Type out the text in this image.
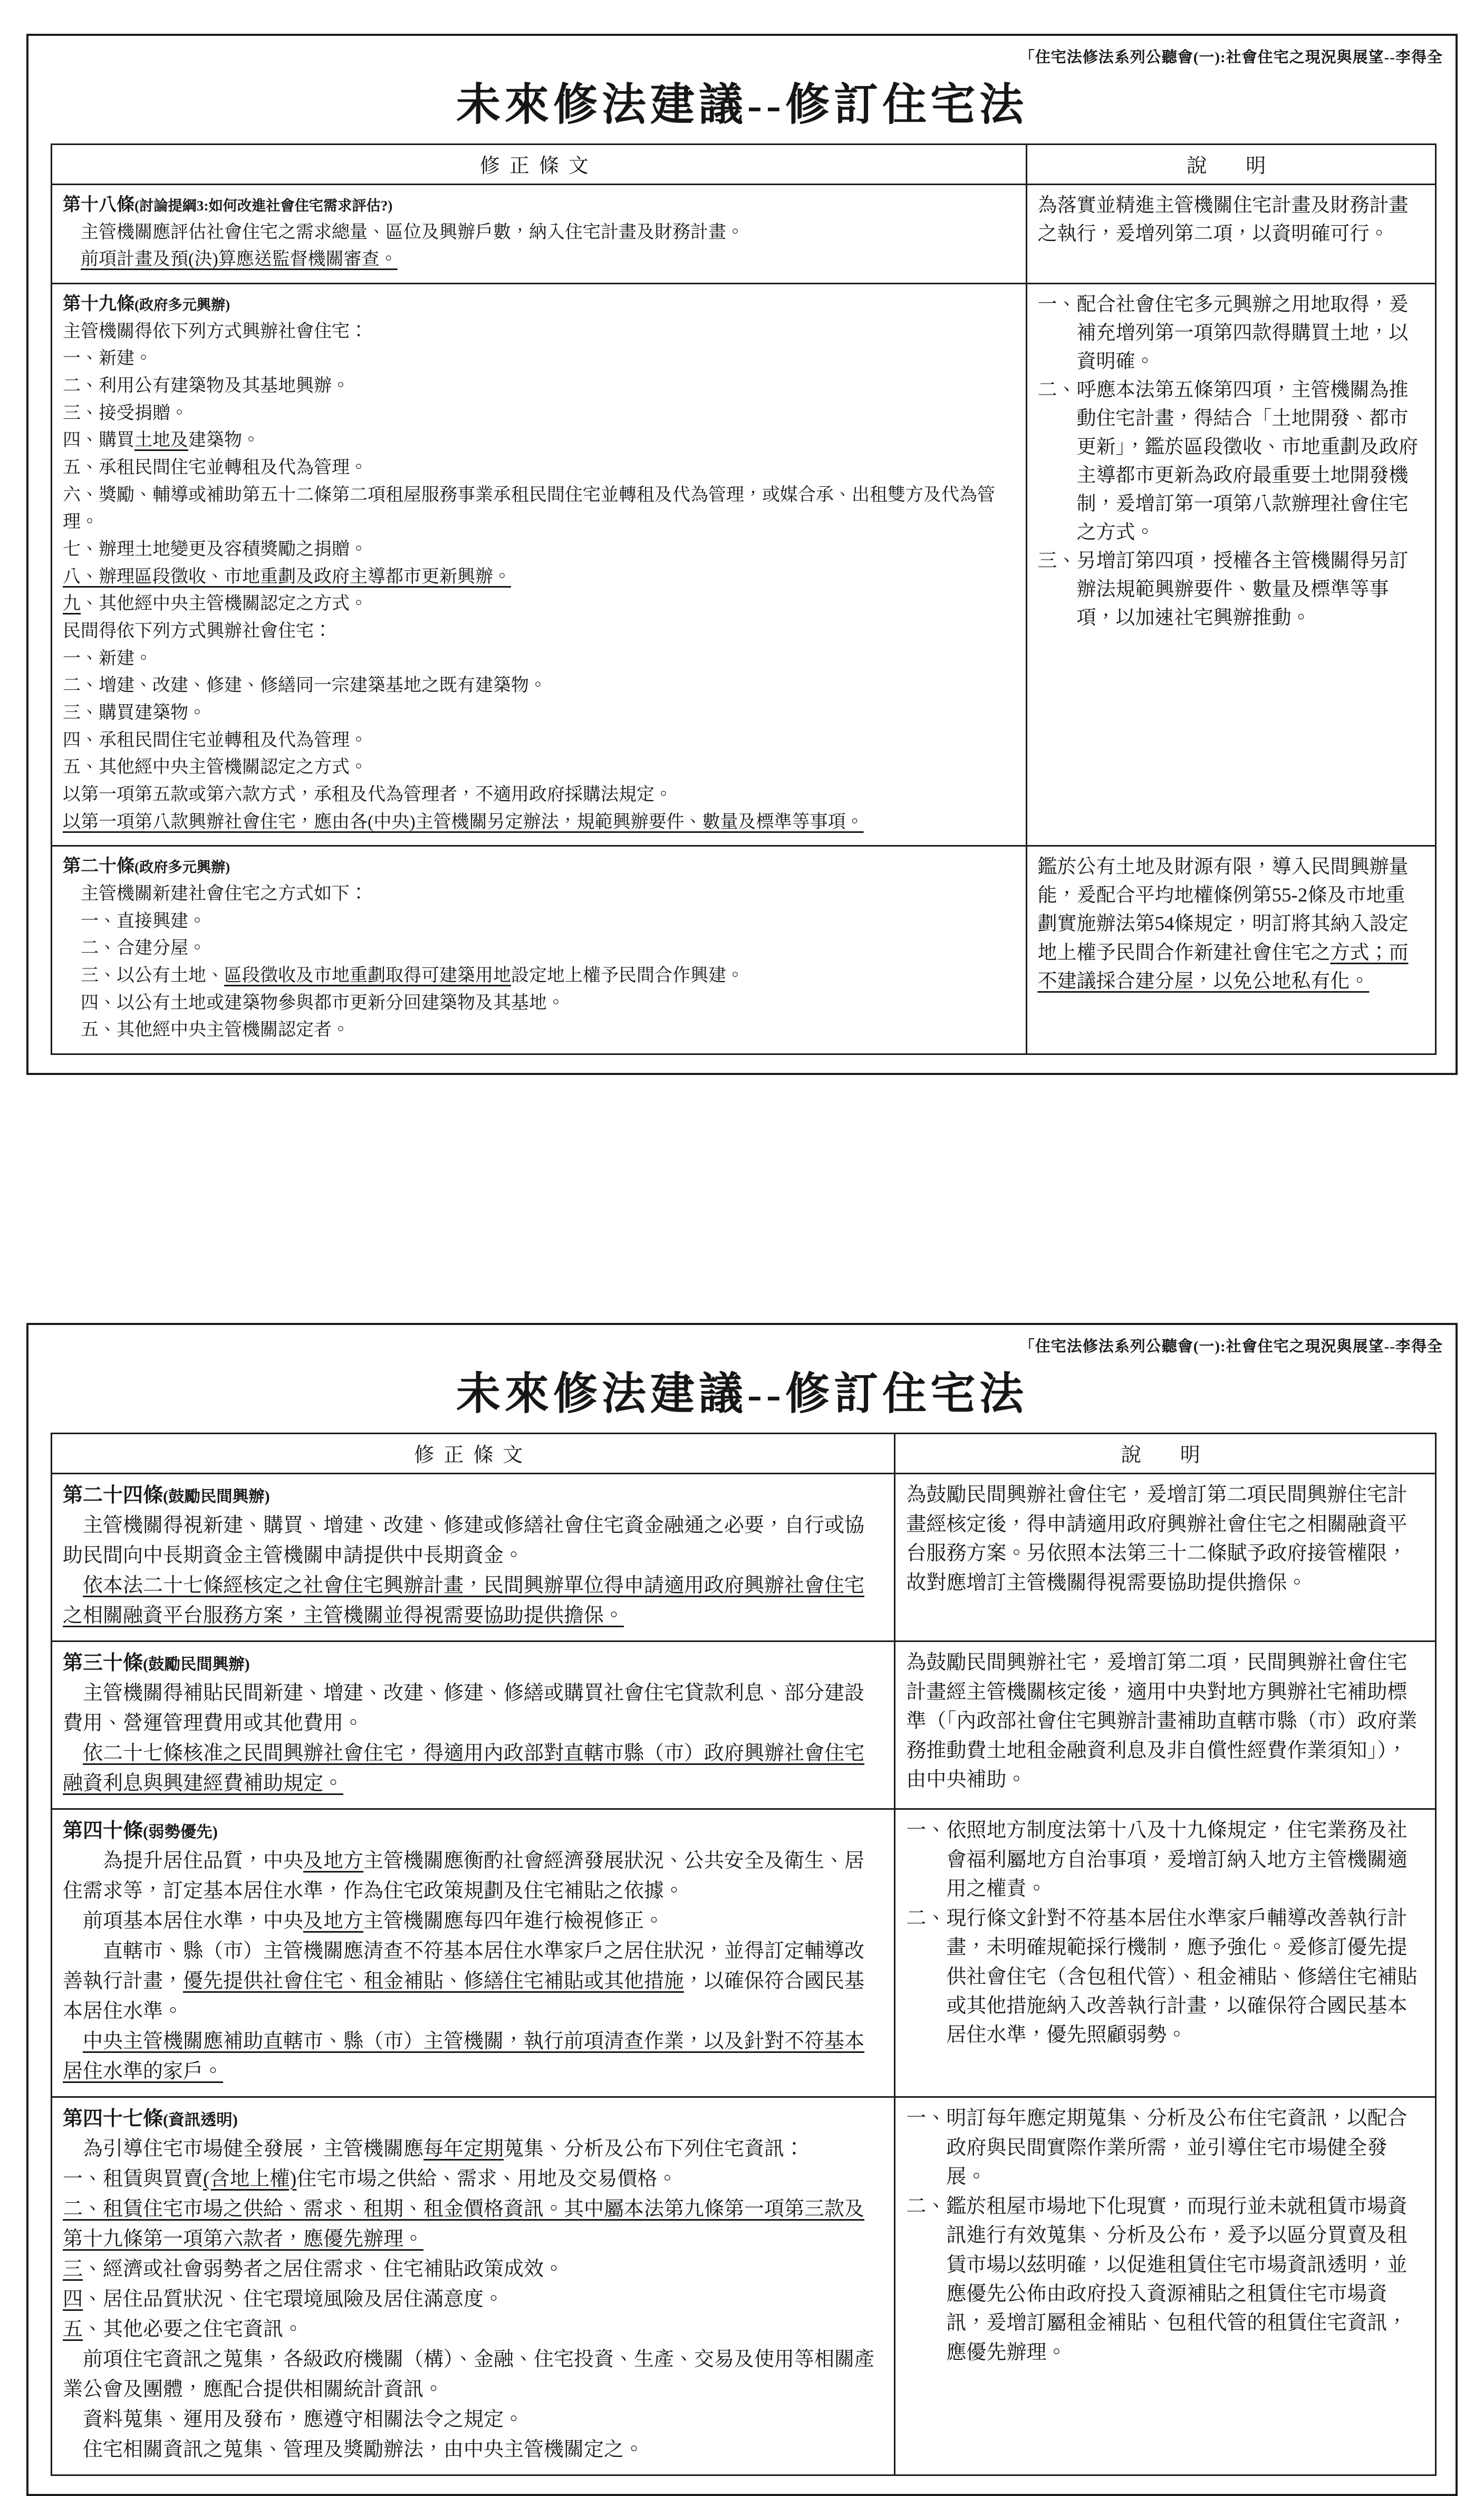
「住宅法修法系列公聽會(一):社會住宅之現況與展望--李得全
未來修法建議--修訂住宅法
修正條文	說　明

第十八條(討論提綱3:如何改進社會住宅需求評估?)

主管機關應評估社會住宅之需求總量、區位及興辦戶數，納入住宅計畫及財務計畫。

前項計畫及預(決)算應送監督機關審查。

為落實並精進主管機關住宅計畫及財務計畫之執行，爰增列第二項，以資明確可行。

第十九條(政府多元興辦)

主管機關得依下列方式興辦社會住宅：

一、新建。

二、利用公有建築物及其基地興辦。

三、接受捐贈。

四、購買土地及建築物。

五、承租民間住宅並轉租及代為管理。

六、獎勵、輔導或補助第五十二條第二項租屋服務事業承租民間住宅並轉租及代為管理，或媒合承、出租雙方及代為管理。

七、辦理土地變更及容積獎勵之捐贈。

八、辦理區段徵收、市地重劃及政府主導都市更新興辦。

九、其他經中央主管機關認定之方式。

民間得依下列方式興辦社會住宅：

一、新建。

二、增建、改建、修建、修繕同一宗建築基地之既有建築物。

三、購買建築物。

四、承租民間住宅並轉租及代為管理。

五、其他經中央主管機關認定之方式。

以第一項第五款或第六款方式，承租及代為管理者，不適用政府採購法規定。

以第一項第八款興辦社會住宅，應由各(中央)主管機關另定辦法，規範興辦要件、數量及標準等事項。

一、配合社會住宅多元興辦之用地取得，爰補充增列第一項第四款得購買土地，以資明確。

二、呼應本法第五條第四項，主管機關為推動住宅計畫，得結合「土地開發、都市更新」，鑑於區段徵收、市地重劃及政府主導都市更新為政府最重要土地開發機制，爰增訂第一項第八款辦理社會住宅之方式。

三、另增訂第四項，授權各主管機關得另訂辦法規範興辦要件、數量及標準等事項，以加速社宅興辦推動。

第二十條(政府多元興辦)

主管機關新建社會住宅之方式如下：

一、直接興建。

二、合建分屋。

三、以公有土地、區段徵收及市地重劃取得可建築用地設定地上權予民間合作興建。

四、以公有土地或建築物參與都市更新分回建築物及其基地。

五、其他經中央主管機關認定者。

鑑於公有土地及財源有限，導入民間興辦量能，爰配合平均地權條例第55-2條及市地重劃實施辦法第54條規定，明訂將其納入設定地上權予民間合作新建社會住宅之方式；而不建議採合建分屋，以免公地私有化。

「住宅法修法系列公聽會(一):社會住宅之現況與展望--李得全
未來修法建議--修訂住宅法
修正條文	說　明

第二十四條(鼓勵民間興辦)

主管機關得視新建、購買、增建、改建、修建或修繕社會住宅資金融通之必要，自行或協助民間向中長期資金主管機關申請提供中長期資金。

依本法二十七條經核定之社會住宅興辦計畫，民間興辦單位得申請適用政府興辦社會住宅之相關融資平台服務方案，主管機關並得視需要協助提供擔保。

為鼓勵民間興辦社會住宅，爰增訂第二項民間興辦住宅計畫經核定後，得申請適用政府興辦社會住宅之相關融資平台服務方案。另依照本法第三十二條賦予政府接管權限，故對應增訂主管機關得視需要協助提供擔保。

第三十條(鼓勵民間興辦)

主管機關得補貼民間新建、增建、改建、修建、修繕或購買社會住宅貸款利息、部分建設費用、營運管理費用或其他費用。

依二十七條核准之民間興辦社會住宅，得適用內政部對直轄市縣（市）政府興辦社會住宅融資利息與興建經費補助規定。

為鼓勵民間興辦社宅，爰增訂第二項，民間興辦社會住宅計畫經主管機關核定後，適用中央對地方興辦社宅補助標準（「內政部社會住宅興辦計畫補助直轄市縣（市）政府業務推動費土地租金融資利息及非自償性經費作業須知」），由中央補助。

第四十條(弱勢優先)

為提升居住品質，中央及地方主管機關應衡酌社會經濟發展狀況、公共安全及衛生、居住需求等，訂定基本居住水準，作為住宅政策規劃及住宅補貼之依據。

前項基本居住水準，中央及地方主管機關應每四年進行檢視修正。

直轄市、縣（市）主管機關應清查不符基本居住水準家戶之居住狀況，並得訂定輔導改善執行計畫，優先提供社會住宅、租金補貼、修繕住宅補貼或其他措施，以確保符合國民基本居住水準。

中央主管機關應補助直轄市、縣（市）主管機關，執行前項清查作業，以及針對不符基本居住水準的家戶。

一、依照地方制度法第十八及十九條規定，住宅業務及社會福利屬地方自治事項，爰增訂納入地方主管機關適用之權責。

二、現行條文針對不符基本居住水準家戶輔導改善執行計畫，未明確規範採行機制，應予強化。爰修訂優先提供社會住宅（含包租代管）、租金補貼、修繕住宅補貼或其他措施納入改善執行計畫，以確保符合國民基本居住水準，優先照顧弱勢。

第四十七條(資訊透明)

為引導住宅市場健全發展，主管機關應每年定期蒐集、分析及公布下列住宅資訊：

一、租賃與買賣(含地上權)住宅市場之供給、需求、用地及交易價格。

二、租賃住宅市場之供給、需求、租期、租金價格資訊。其中屬本法第九條第一項第三款及第十九條第一項第六款者，應優先辦理。

三、經濟或社會弱勢者之居住需求、住宅補貼政策成效。

四、居住品質狀況、住宅環境風險及居住滿意度。

五、其他必要之住宅資訊。

前項住宅資訊之蒐集，各級政府機關（構）、金融、住宅投資、生產、交易及使用等相關產業公會及團體，應配合提供相關統計資訊。

資料蒐集、運用及發布，應遵守相關法令之規定。

住宅相關資訊之蒐集、管理及獎勵辦法，由中央主管機關定之。

一、明訂每年應定期蒐集、分析及公布住宅資訊，以配合政府與民間實際作業所需，並引導住宅市場健全發展。

二、鑑於租屋市場地下化現實，而現行並未就租賃市場資訊進行有效蒐集、分析及公布，爰予以區分買賣及租賃市場以茲明確，以促進租賃住宅市場資訊透明，並應優先公佈由政府投入資源補貼之租賃住宅市場資訊，爰增訂屬租金補貼、包租代管的租賃住宅資訊，應優先辦理。
